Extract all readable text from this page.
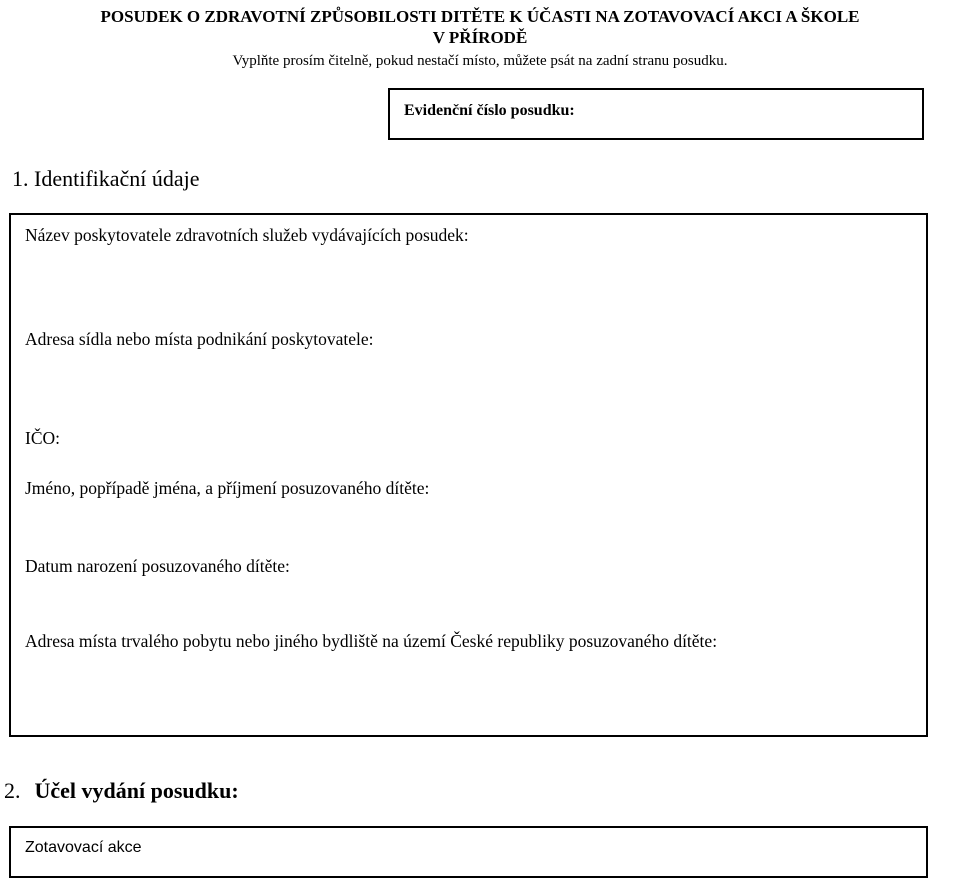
POSUDEK O ZDRAVOTNÍ ZPŮSOBILOSTI DITĚTE K ÚČASTI NA ZOTAVOVACÍ AKCI A ŠKOLE
V PŘÍRODĚ
Vyplňte prosím čitelně, pokud nestačí místo, můžete psát na zadní stranu posudku.
Evidenční číslo posudku:
1. Identifikační údaje
Název poskytovatele zdravotních služeb vydávajících posudek:
Adresa sídla nebo místa podnikání poskytovatele:
IČO:
Jméno, popřípadě jména, a příjmení posuzovaného dítěte:
Datum narození posuzovaného dítěte:
Adresa místa trvalého pobytu nebo jiného bydliště na území České republiky posuzovaného dítěte:
2. Účel vydání posudku:
Zotavovací akce
